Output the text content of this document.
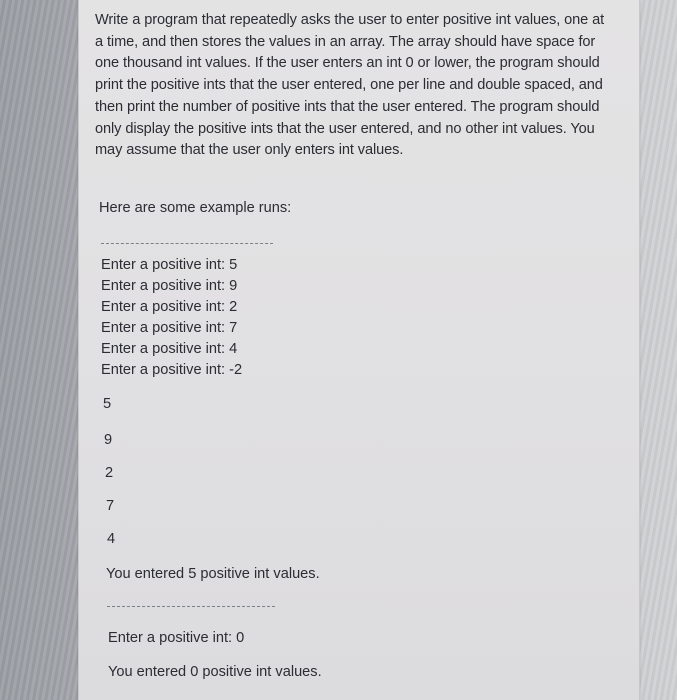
Write a program that repeatedly asks the user to enter positive int values, one at a time, and then stores the values in an array. The array should have space for one thousand int values. If the user enters an int 0 or lower, the program should print the positive ints that the user entered, one per line and double spaced, and then print the number of positive ints that the user entered. The program should only display the positive ints that the user entered, and no other int values. You may assume that the user only enters int values.

Here are some example runs:

Enter a positive int: 5

Enter a positive int: 9

Enter a positive int: 2

Enter a positive int: 7

Enter a positive int: 4

Enter a positive int: -2

5

9

2

7

4

You entered 5 positive int values.

Enter a positive int: 0

You entered 0 positive int values.
